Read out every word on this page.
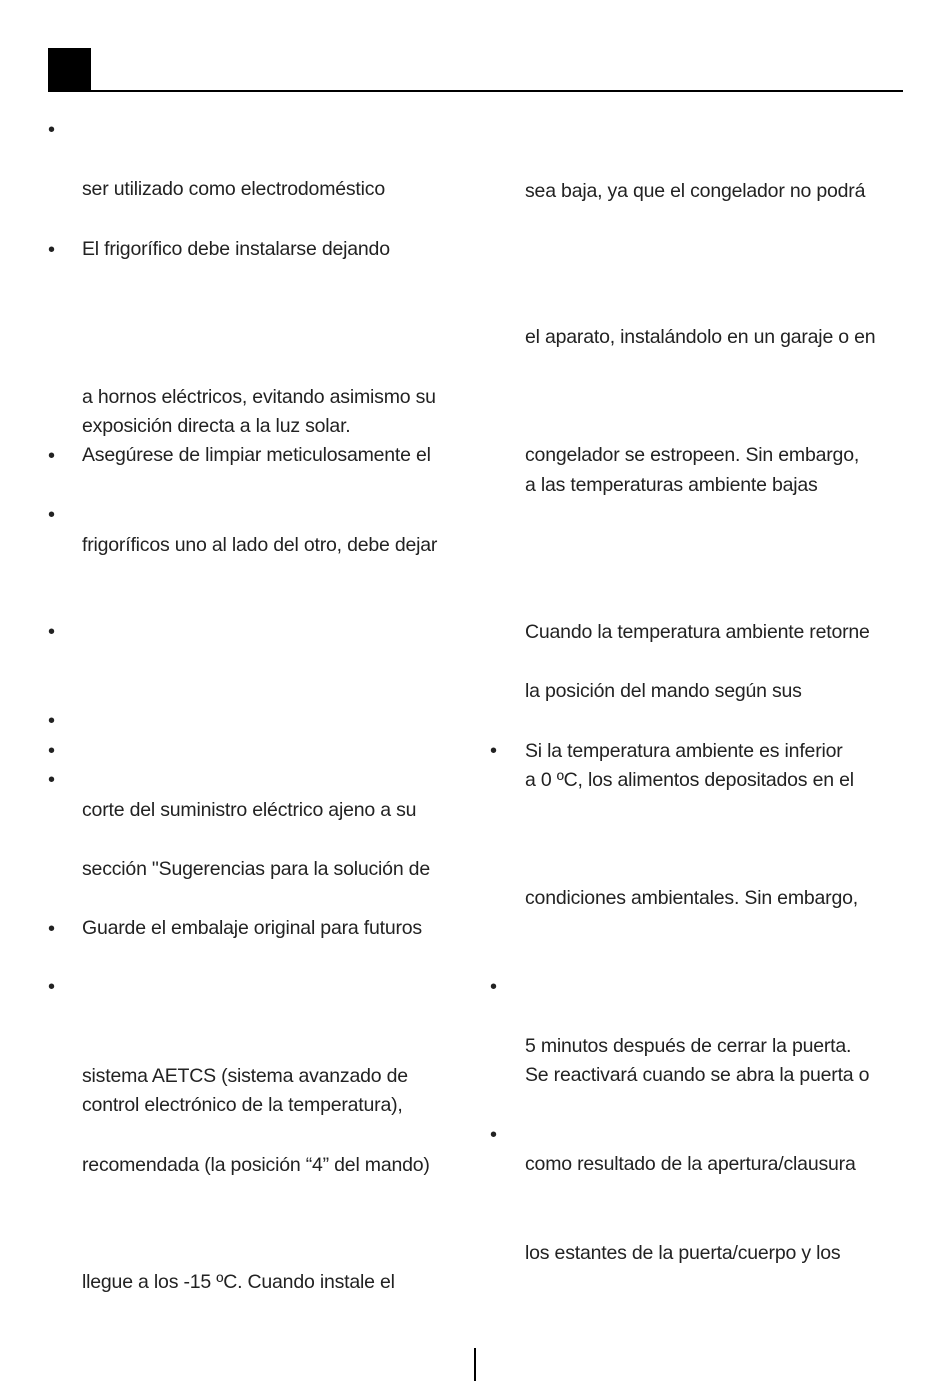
•
•
•
•
•
•
•
•
•
•
ser utilizado como electrodoméstico
El frigorífico debe instalarse dejando
a hornos eléctricos, evitando asimismo su
exposición directa a la luz solar.
Asegúrese de limpiar meticulosamente el
frigoríficos uno al lado del otro, debe dejar
corte del suministro eléctrico ajeno a su
sección "Sugerencias para la solución de
Guarde el embalaje original para futuros
sistema AETCS (sistema avanzado de
control electrónico de la temperatura),
recomendada (la posición “4” del mando)
llegue a los -15 ºC. Cuando instale el
•
•
•
sea baja, ya que el congelador no podrá
el aparato, instalándolo en un garaje o en
congelador se estropeen. Sin embargo,
a las temperaturas ambiente bajas
Cuando la temperatura ambiente retorne
la posición del mando según sus
Si la temperatura ambiente es inferior
a 0 ºC, los alimentos depositados en el
condiciones ambientales. Sin embargo,
5 minutos después de cerrar la puerta.
Se reactivará cuando se abra la puerta o
como resultado de la apertura/clausura
los estantes de la puerta/cuerpo y los
